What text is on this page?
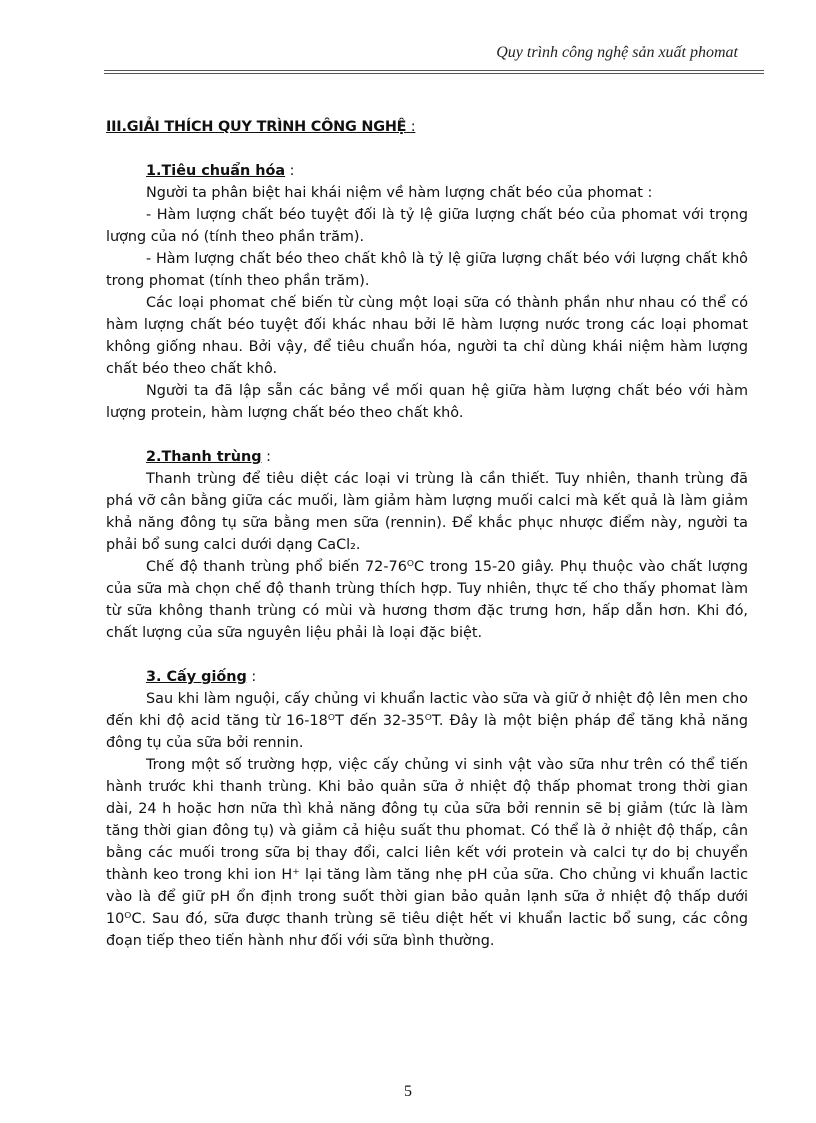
Quy trình công nghệ sản xuất phomat
III.GIẢI THÍCH QUY TRÌNH CÔNG NGHỆ :
1.Tiêu chuẩn hóa :

Người ta phân biệt hai khái niệm về hàm lượng chất béo của phomat :

- Hàm lượng chất béo tuyệt đối là tỷ lệ giữa lượng chất béo của phomat với trọng lượng của nó (tính theo phần trăm).

- Hàm lượng chất béo theo chất khô là tỷ lệ giữa lượng chất béo với lượng chất khô trong phomat (tính theo phần trăm).

Các loại phomat chế biến từ cùng một loại sữa có thành phần như nhau có thể có hàm lượng chất béo tuyệt đối khác nhau bởi lẽ hàm lượng nước trong các loại phomat không giống nhau. Bởi vậy, để tiêu chuẩn hóa, người ta chỉ dùng khái niệm hàm lượng chất béo theo chất khô.

Người ta đã lập sẵn các bảng về mối quan hệ giữa hàm lượng chất béo với hàm lượng protein, hàm lượng chất béo theo chất khô.

2.Thanh trùng :

Thanh trùng để tiêu diệt các loại vi trùng là cần thiết. Tuy nhiên, thanh trùng đã phá vỡ cân bằng giữa các muối, làm giảm hàm lượng muối calci mà kết quả là làm giảm khả năng đông tụ sữa bằng men sữa (rennin). Để khắc phục nhược điểm này, người ta phải bổ sung calci dưới dạng CaCl₂.

Chế độ thanh trùng phổ biến 72-76ᴼC trong 15-20 giây. Phụ thuộc vào chất lượng của sữa mà chọn chế độ thanh trùng thích hợp. Tuy nhiên, thực tế cho thấy phomat làm từ sữa không thanh trùng có mùi và hương thơm đặc trưng hơn, hấp dẫn hơn. Khi đó, chất lượng của sữa nguyên liệu phải là loại đặc biệt.

3. Cấy giống :

Sau khi làm nguội, cấy chủng vi khuẩn lactic vào sữa và giữ ở nhiệt độ lên men cho đến khi độ acid tăng từ 16-18ᴼT đến 32-35ᴼT. Đây là một biện pháp để tăng khả năng đông tụ của sữa bởi rennin.

Trong một số trường hợp, việc cấy chủng vi sinh vật vào sữa như trên có thể tiến hành trước khi thanh trùng. Khi bảo quản sữa ở nhiệt độ thấp phomat trong thời gian dài, 24 h hoặc hơn nữa thì khả năng đông tụ của sữa bởi rennin sẽ bị giảm (tức là làm tăng thời gian đông tụ) và giảm cả hiệu suất thu phomat. Có thể là ở nhiệt độ thấp, cân bằng các muối trong sữa bị thay đổi, calci liên kết với protein và calci tự do bị chuyển thành keo trong khi ion H⁺ lại tăng làm tăng nhẹ pH của sữa. Cho chủng vi khuẩn lactic vào là để giữ pH ổn định trong suốt thời gian bảo quản lạnh sữa ở nhiệt độ thấp dưới 10ᴼC. Sau đó, sữa được thanh trùng sẽ tiêu diệt hết vi khuẩn lactic bổ sung, các công đoạn tiếp theo tiến hành như đối với sữa bình thường.

5
